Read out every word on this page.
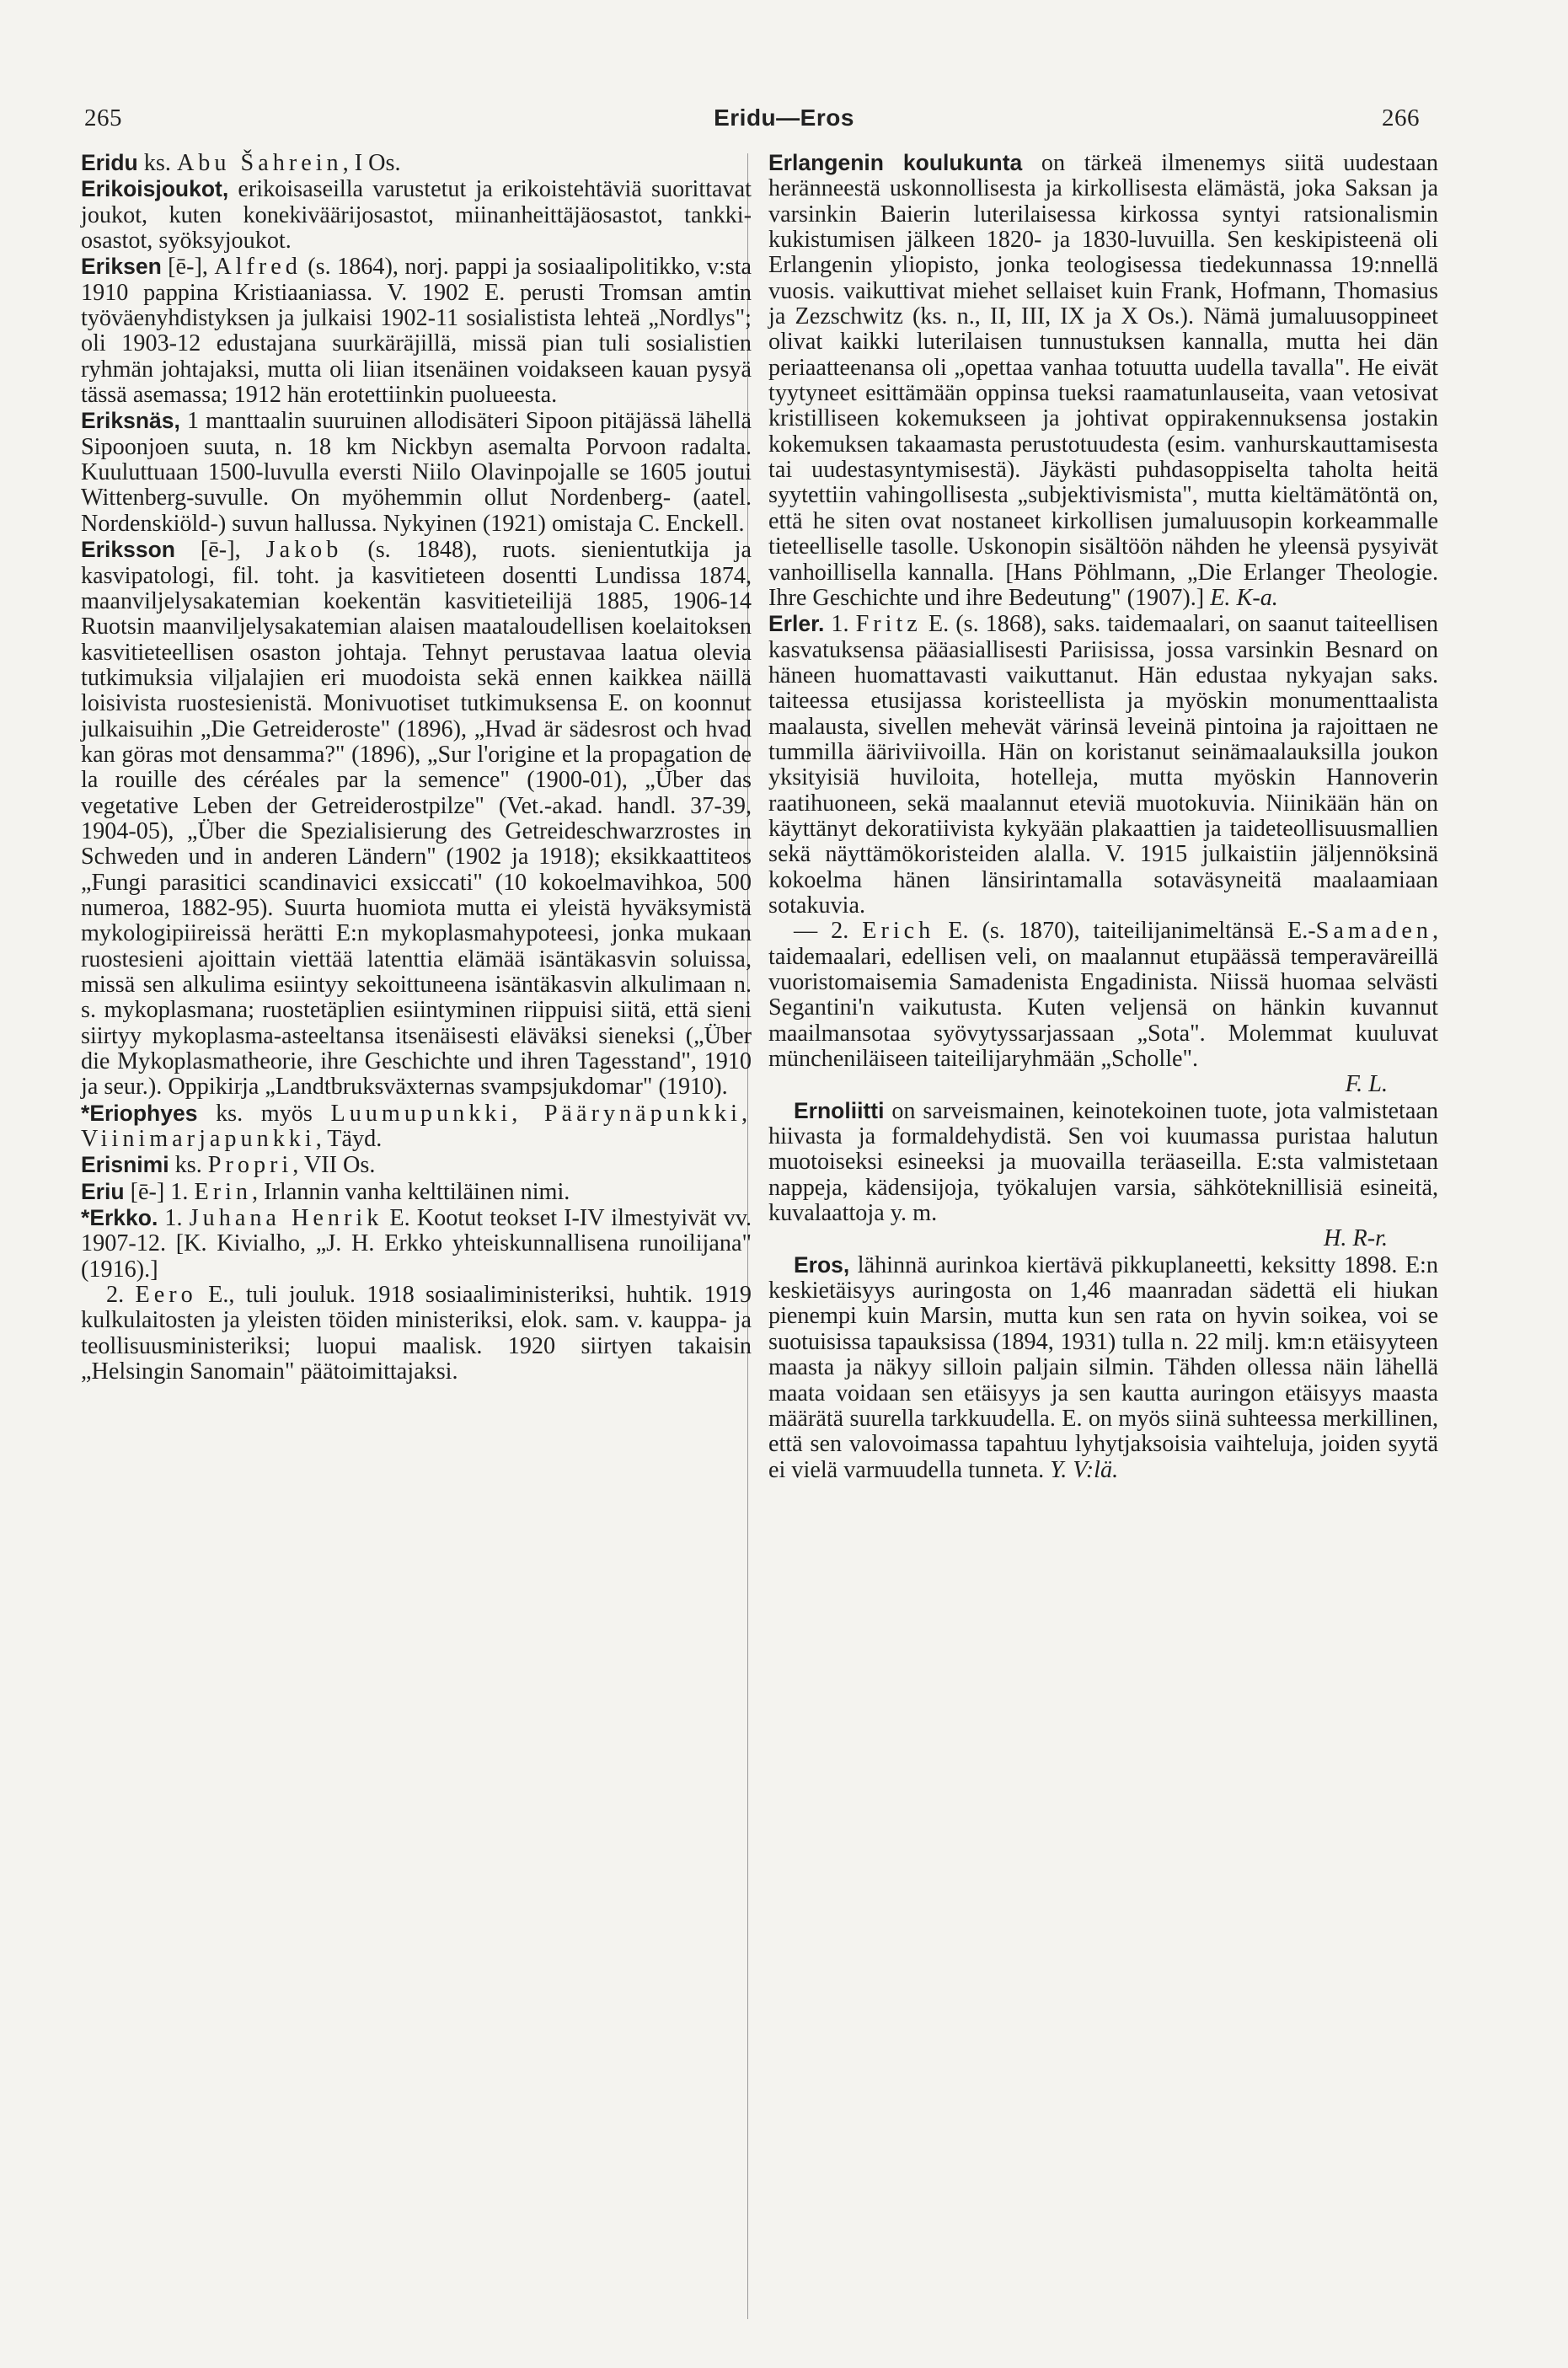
265	Eridu—Eros	266

Eridu ks. Abu Šahrein, I Os.

Erikoisjoukot, erikoisaseilla varustetut ja erikoistehtäviä suorittavat joukot, kuten konekiväärijosastot, miinanheittäjäosastot, tankki-osastot, syöksyjoukot.

Eriksen [ē-], Alfred (s. 1864), norj. pappi ja sosiaalipolitikko, v:sta 1910 pappina Kristiaaniassa. V. 1902 E. perusti Tromsan amtin työväenyhdistyksen ja julkaisi 1902-11 sosialistista lehteä „Nordlys"; oli 1903-12 edustajana suurkäräjillä, missä pian tuli sosialistien ryhmän johtajaksi, mutta oli liian itsenäinen voidakseen kauan pysyä tässä asemassa; 1912 hän erotettiinkin puolueesta.

Eriksnäs, 1 manttaalin suuruinen allodisäteri Sipoon pitäjässä lähellä Sipoonjoen suuta, n. 18 km Nickbyn asemalta Porvoon radalta. Kuuluttuaan 1500-luvulla eversti Niilo Olavinpojalle se 1605 joutui Wittenberg-suvulle. On myöhemmin ollut Nordenberg- (aatel. Nordenskiöld-) suvun hallussa. Nykyinen (1921) omistaja C. Enckell.

Eriksson [ē-], Jakob (s. 1848), ruots. sienientutkija ja kasvipatologi, fil. toht. ja kasvitieteen dosentti Lundissa 1874, maanviljelysakatemian koekentän kasvitieteilijä 1885, 1906-14 Ruotsin maanviljelysakatemian alaisen maataloudellisen koelaitoksen kasvitieteellisen osaston johtaja. Tehnyt perustavaa laatua olevia tutkimuksia viljalajien eri muodoista sekä ennen kaikkea näillä loisivista ruostesienistä. Monivuotiset tutkimuksensa E. on koonnut julkaisuihin „Die Getreideroste" (1896), „Hvad är sädesrost och hvad kan göras mot densamma?" (1896), „Sur l'origine et la propagation de la rouille des céréales par la semence" (1900-01), „Über das vegetative Leben der Getreiderostpilze" (Vet.-akad. handl. 37-39, 1904-05), „Über die Spezialisierung des Getreideschwarzrostes in Schweden und in anderen Ländern" (1902 ja 1918); eksikkaattiteos „Fungi parasitici scandinavici exsiccati" (10 kokoelmavihkoa, 500 numeroa, 1882-95). Suurta huomiota mutta ei yleistä hyväksymistä mykologipiireissä herätti E:n mykoplasmahypoteesi, jonka mukaan ruostesieni ajoittain viettää latenttia elämää isäntäkasvin soluissa, missä sen alkulima esiintyy sekoittuneena isäntäkasvin alkulimaan n. s. mykoplasmana; ruostetäplien esiintyminen riippuisi siitä, että sieni siirtyy mykoplasma-asteeltansa itsenäisesti eläväksi sieneksi („Über die Mykoplasmatheorie, ihre Geschichte und ihren Tagesstand", 1910 ja seur.). Oppikirja „Landtbruksväxternas svampsjukdomar" (1910).

*Eriophyes ks. myös Luumupunkki, Päärynäpunkki, Viinimarjapunkki, Täyd.

Erisnimi ks. Propri, VII Os.

Eriu [ē-] 1. Erin, Irlannin vanha kelttiläinen nimi.

*Erkko. 1. Juhana Henrik E. Kootut teokset I-IV ilmestyivät vv. 1907-12. [K. Kivialho, „J. H. Erkko yhteiskunnallisena runoilijana" (1916).]

2. Eero E., tuli jouluk. 1918 sosiaaliministeriksi, huhtik. 1919 kulkulaitosten ja yleisten töiden ministeriksi, elok. sam. v. kauppa- ja teollisuusministeriksi; luopui maalisk. 1920 siirtyen takaisin „Helsingin Sanomain" päätoimittajaksi.

Erlangenin koulukunta on tärkeä ilmenemys siitä uudestaan heränneestä uskonnollisesta ja kirkollisesta elämästä, joka Saksan ja varsinkin Baierin luterilaisessa kirkossa syntyi ratsionalismin kukistumisen jälkeen 1820- ja 1830-luvuilla. Sen keskipisteenä oli Erlangenin yliopisto, jonka teologisessa tiedekunnassa 19:nnellä vuosis. vaikuttivat miehet sellaiset kuin Frank, Hofmann, Thomasius ja Zezschwitz (ks. n., II, III, IX ja X Os.). Nämä jumaluusoppineet olivat kaikki luterilaisen tunnustuksen kannalla, mutta hei dän periaatteenansa oli „opettaa vanhaa totuutta uudella tavalla". He eivät tyytyneet esittämään oppinsa tueksi raamatunlauseita, vaan vetosivat kristilliseen kokemukseen ja johtivat oppirakennuksensa jostakin kokemuksen takaamasta perustotuudesta (esim. vanhurskauttamisesta tai uudestasyntymisestä). Jäykästi puhdasoppiselta taholta heitä syytettiin vahingollisesta „subjektivismista", mutta kieltämätöntä on, että he siten ovat nostaneet kirkollisen jumaluusopin korkeammalle tieteelliselle tasolle. Uskonopin sisältöön nähden he yleensä pysyivät vanhoillisella kannalla. [Hans Pöhlmann, „Die Erlanger Theologie. Ihre Geschichte und ihre Bedeutung" (1907).] E. K-a.

Erler. 1. Fritz E. (s. 1868), saks. taidemaalari, on saanut taiteellisen kasvatuksensa pääasiallisesti Pariisissa, jossa varsinkin Besnard on häneen huomattavasti vaikuttanut. Hän edustaa nykyajan saks. taiteessa etusijassa koristeellista ja myöskin monumenttaalista maalausta, sivellen mehevät värinsä leveinä pintoina ja rajoittaen ne tummilla ääriviivoilla. Hän on koristanut seinämaalauksilla joukon yksityisiä huviloita, hotelleja, mutta myöskin Hannoverin raatihuoneen, sekä maalannut eteviä muotokuvia. Niinikään hän on käyttänyt dekoratiivista kykyään plakaattien ja taideteollisuusmallien sekä näyttämökoristeiden alalla. V. 1915 julkaistiin jäljennöksinä kokoelma hänen länsirintamalla sotaväsyneitä maalaamiaan sotakuvia.

— 2. Erich E. (s. 1870), taiteilijanimeltänsä E.-Samaden, taidemaalari, edellisen veli, on maalannut etupäässä temperaväreillä vuoristomaisemia Samadenista Engadinista. Niissä huomaa selvästi Segantini'n vaikutusta. Kuten veljensä on hänkin kuvannut maailmansotaa syövytyssarjassaan „Sota". Molemmat kuuluvat müncheniläiseen taiteilijaryhmään „Scholle".

F. L.

Ernoliitti on sarveismainen, keinotekoinen tuote, jota valmistetaan hiivasta ja formaldehydistä. Sen voi kuumassa puristaa halutun muotoiseksi esineeksi ja muovailla teräaseilla. E:sta valmistetaan nappeja, kädensijoja, työkalujen varsia, sähköteknillisiä esineitä, kuvalaattoja y. m.

H. R-r.

Eros, lähinnä aurinkoa kiertävä pikkuplaneetti, keksitty 1898. E:n keskietäisyys auringosta on 1,46 maanradan sädettä eli hiukan pienempi kuin Marsin, mutta kun sen rata on hyvin soikea, voi se suotuisissa tapauksissa (1894, 1931) tulla n. 22 milj. km:n etäisyyteen maasta ja näkyy silloin paljain silmin. Tähden ollessa näin lähellä maata voidaan sen etäisyys ja sen kautta auringon etäisyys maasta määrätä suurella tarkkuudella. E. on myös siinä suhteessa merkillinen, että sen valovoimassa tapahtuu lyhytjaksoisia vaihteluja, joiden syytä ei vielä varmuudella tunneta. Y. V:lä.
